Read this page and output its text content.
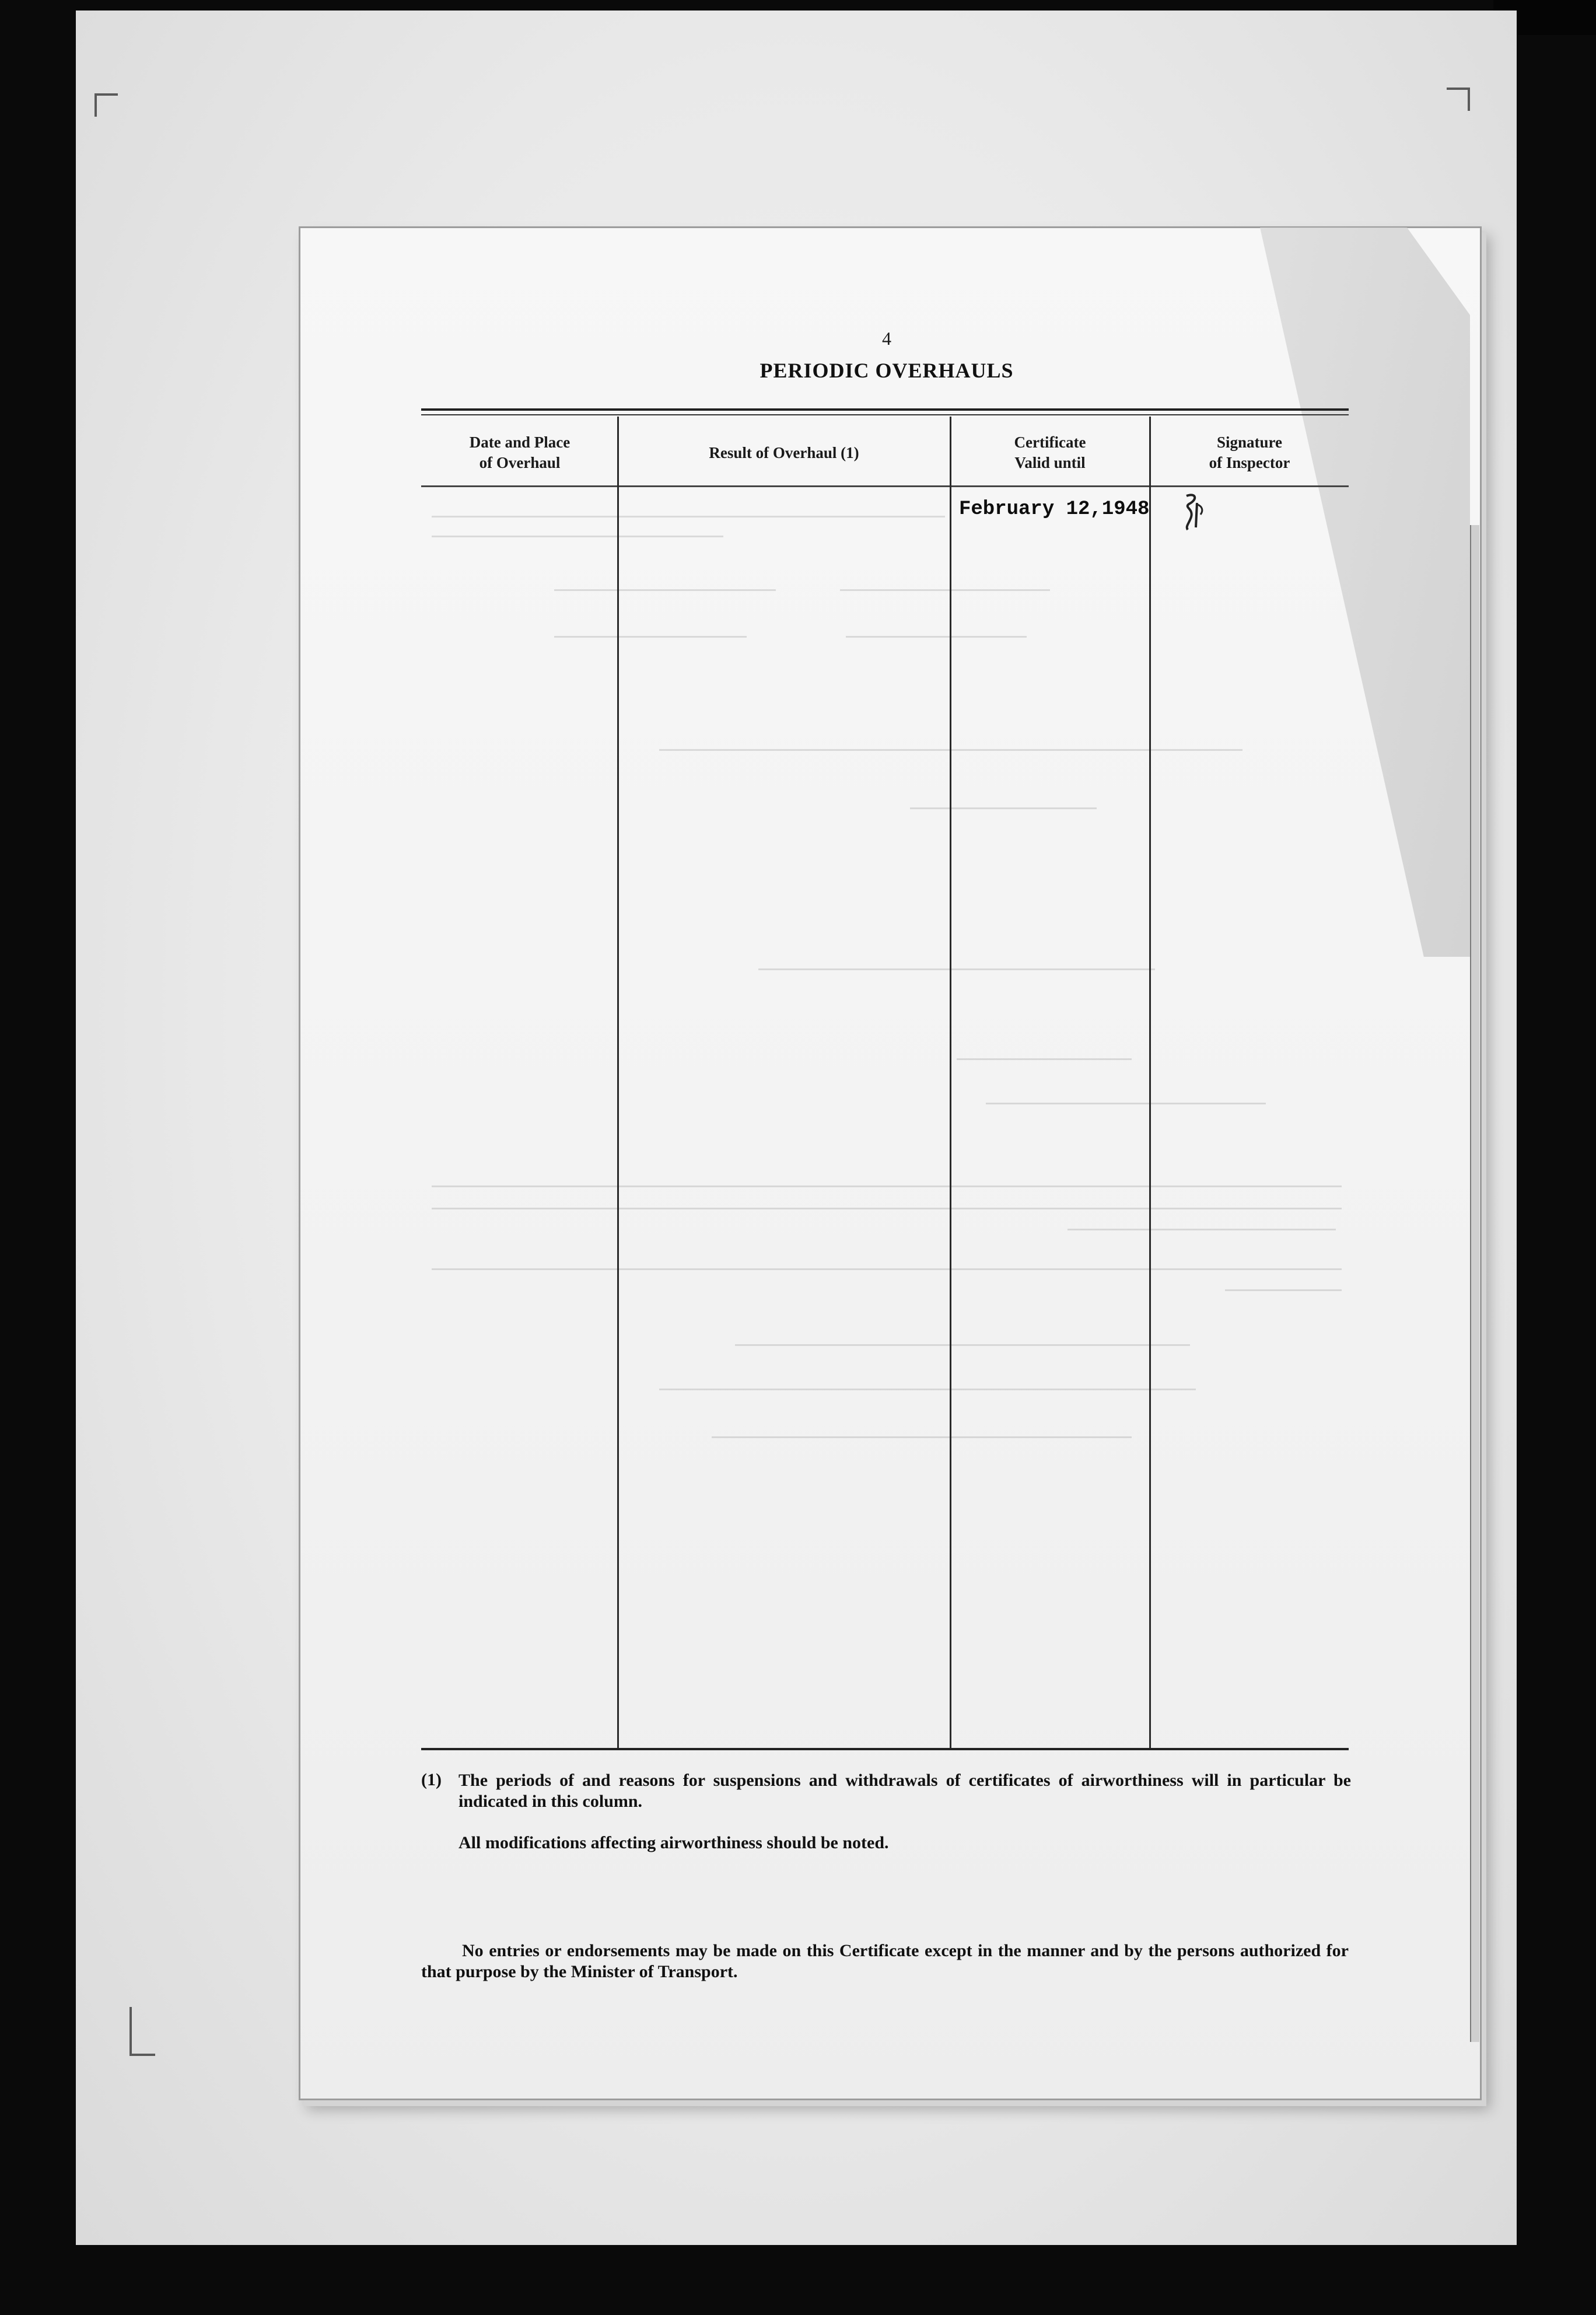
4
PERIODIC OVERHAULS
Date and Place
of Overhaul
Result of Overhaul (1)
Certificate
Valid until
Signature
of Inspector
February 12,1948
(1) The periods of and reasons for suspensions and withdrawals of certificates of airworthiness will in particular be indicated in this column.
All modifications affecting airworthiness should be noted.
No entries or endorsements may be made on this Certificate except in the manner and by the persons authorized for that purpose by the Minister of Transport.
